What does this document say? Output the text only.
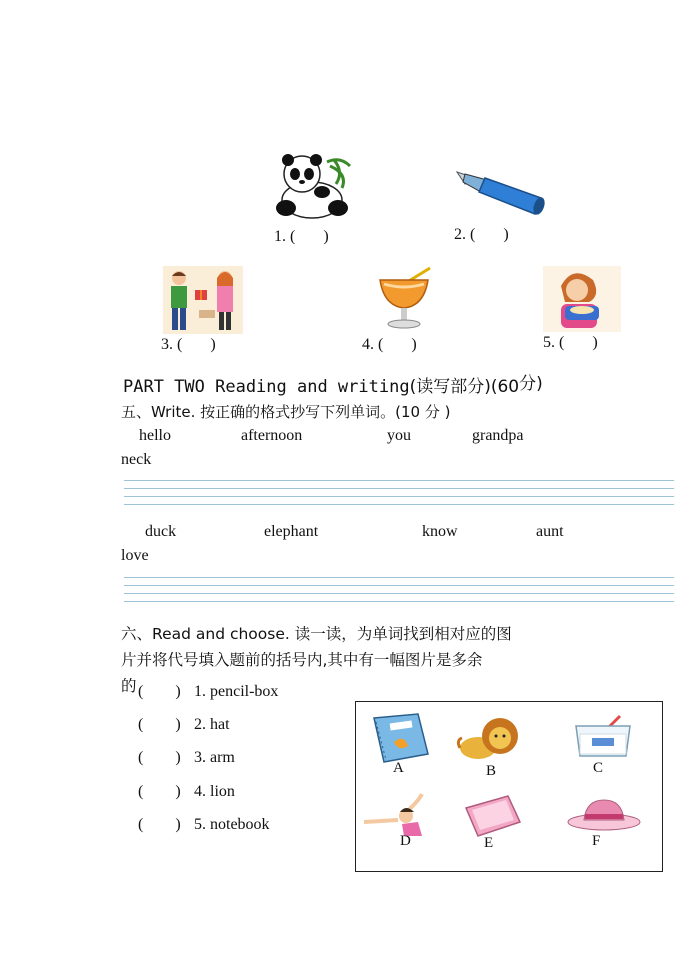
1. (       )	2. (       )
3. (       )	4. (       )	5. (       )
PART TWO Reading and writing(读写部分)(60分)
五、Write. 按正确的格式抄写下列单词。(10 分 )
hello	afternoon	you	grandpa
neck
duck	elephant	know	aunt
love
六、Read and choose. 读一读，为单词找到相对应的图
片并将代号填入题前的括号内,其中有一幅图片是多余
的 (        ) 1. pencil-box
(        ) 2. hat
(        ) 3. arm
(        ) 4. lion
(        ) 5. notebook
A	B	C
D	E	F
